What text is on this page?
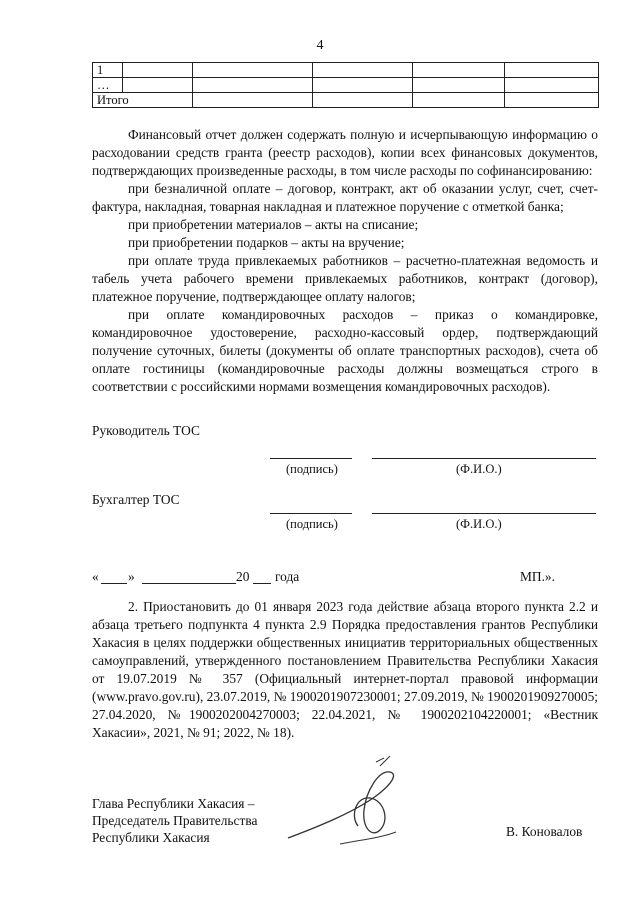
4
1					
…					
Итого					

Финансовый отчет должен содержать полную и исчерпывающую информацию о расходовании средств гранта (реестр расходов), копии всех финансовых документов, подтверждающих произведенные расходы, в том числе расходы по софинансированию:

при безналичной оплате – договор, контракт, акт об оказании услуг, счет, счет-фактура, накладная, товарная накладная и платежное поручение с отметкой банка;

при приобретении материалов – акты на списание;

при приобретении подарков – акты на вручение;

при оплате труда привлекаемых работников – расчетно-платежная ведомость и табель учета рабочего времени привлекаемых работников, контракт (договор), платежное поручение, подтверждающее оплату налогов;

при оплате командировочных расходов – приказ о командировке, командировочное удостоверение, расходно-кассовый ордер, подтверждающий получение суточных, билеты (документы об оплате транспортных расходов), счета об оплате гостиницы (командировочные расходы должны возмещаться строго в соответствии с российскими нормами возмещения командировочных расходов).

Руководитель ТОС
(подпись)	(Ф.И.О.)
Бухгалтер ТОС
(подпись)	(Ф.И.О.)
« »	20 года	МП.».

2. Приостановить до 01 января 2023 года действие абзаца второго пункта 2.2 и абзаца третьего подпункта 4 пункта 2.9 Порядка предоставления грантов Республики Хакасия в целях поддержки общественных инициатив территориальных общественных самоуправлений, утвержденного постановлением Правительства Республики Хакасия от 19.07.2019 № 357 (Официальный интернет-портал правовой информации (www.pravo.gov.ru), 23.07.2019, № 1900201907230001; 27.09.2019, № 1900201909270005; 27.04.2020, №1900202004270003; 22.04.2021, № 1900202104220001; «Вестник Хакасии», 2021, № 91; 2022, № 18).

Глава Республики Хакасия –
Председатель Правительства
Республики Хакасия	В. Коновалов
